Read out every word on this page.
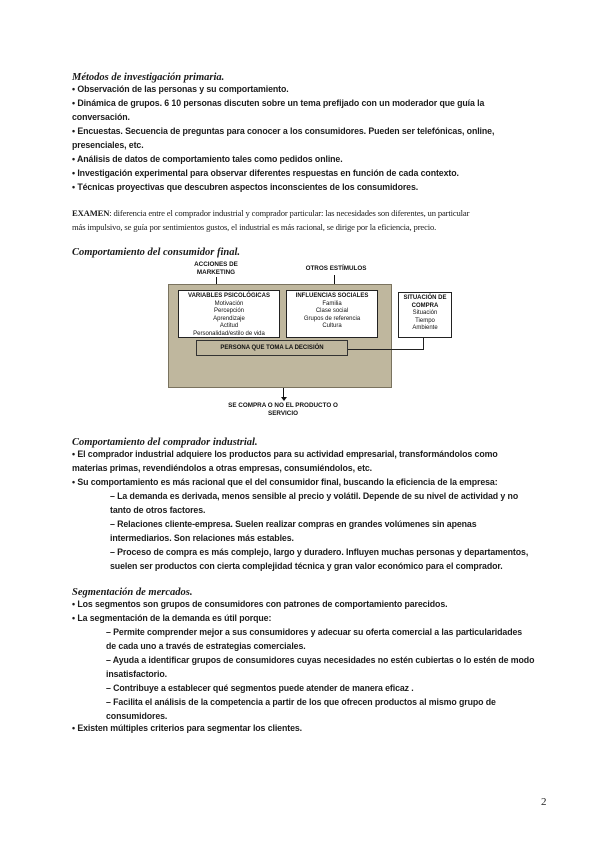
Métodos de investigación primaria.
• Observación de las personas y su comportamiento.
• Dinámica de grupos. 6 10 personas discuten sobre un tema prefijado con un moderador que guía la
conversación.
• Encuestas. Secuencia de preguntas para conocer a los consumidores. Pueden ser telefónicas, online,
presenciales, etc.
• Análisis de datos de comportamiento tales como pedidos online.
• Investigación experimental para observar diferentes respuestas en función de cada contexto.
• Técnicas proyectivas que descubren aspectos inconscientes de los consumidores.
EXAMEN: diferencia entre el comprador industrial y comprador particular: las necesidades son diferentes, un particular
más impulsivo, se guía por sentimientos gustos, el industrial es más racional, se dirige por la eficiencia, precio.
Comportamiento del consumidor final.
ACCIONES DE MARKETING	OTROS ESTÍMULOS
VARIABLES PSICOLÓGICAS
Motivación
Percepción
Aprendizaje
Actitud
Personalidad/estilo de vida
INFLUENCIAS SOCIALES
Familia
Clase social
Grupos de referencia
Cultura
SITUACIÓN DE COMPRA
Situación
Tiempo
Ambiente
PERSONA QUE TOMA LA DECISIÓN
SE COMPRA O NO EL PRODUCTO O SERVICIO
Comportamiento del comprador industrial.
• El comprador industrial adquiere los productos para su actividad empresarial, transformándolos como
materias primas, revendiéndolos a otras empresas, consumiéndolos, etc.
• Su comportamiento es más racional que el del consumidor final, buscando la eficiencia de la empresa:
– La demanda es derivada, menos sensible al precio y volátil. Depende de su nivel de actividad y no
tanto de otros factores.
– Relaciones cliente-empresa. Suelen realizar compras en grandes volúmenes sin apenas
intermediarios. Son relaciones más estables.
– Proceso de compra es más complejo, largo y duradero. Influyen muchas personas y departamentos,
suelen ser productos con cierta complejidad técnica y gran valor económico para el comprador.
Segmentación de mercados.
• Los segmentos son grupos de consumidores con patrones de comportamiento parecidos.
• La segmentación de la demanda es útil porque:
– Permite comprender mejor a sus consumidores y adecuar su oferta comercial a las particularidades
de cada uno a través de estrategias comerciales.
– Ayuda a identificar grupos de consumidores cuyas necesidades no estén cubiertas o lo estén de modo
insatisfactorio.
– Contribuye a establecer qué segmentos puede atender de manera eficaz .
– Facilita el análisis de la competencia a partir de los que ofrecen productos al mismo grupo de
consumidores.
• Existen múltiples criterios para segmentar los clientes.
2
